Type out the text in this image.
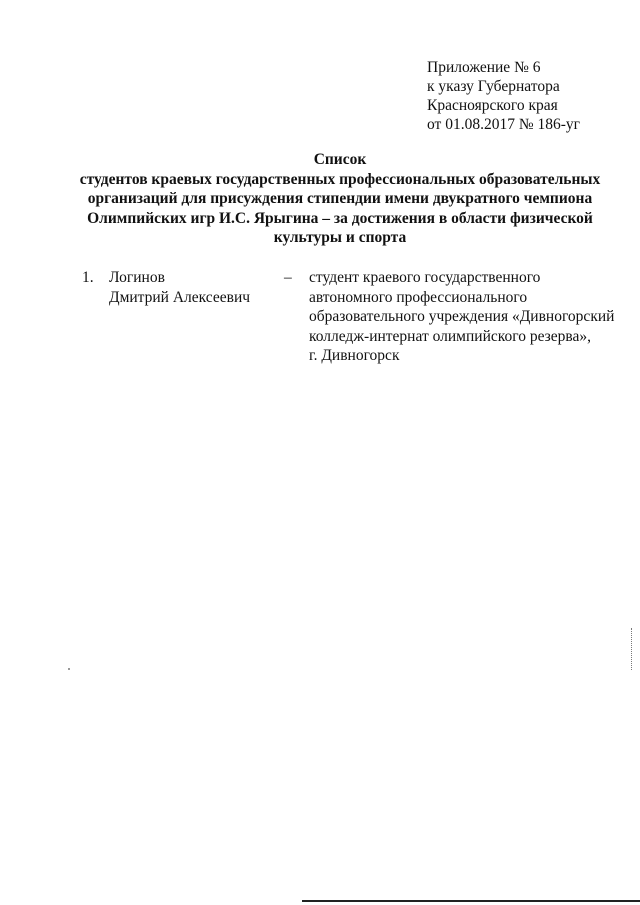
Приложение № 6
к указу Губернатора
Красноярского края
от 01.08.2017 № 186-уг
Список
студентов краевых государственных профессиональных образовательных
организаций для присуждения стипендии имени двукратного чемпиона
Олимпийских игр И.С. Ярыгина – за достижения в области физической
культуры и спорта
1. Логинов
Дмитрий Алексеевич
– студент краевого государственного
автономного профессионального
образовательного учреждения «Дивногорский
колледж-интернат олимпийского резерва»,
г. Дивногорск
